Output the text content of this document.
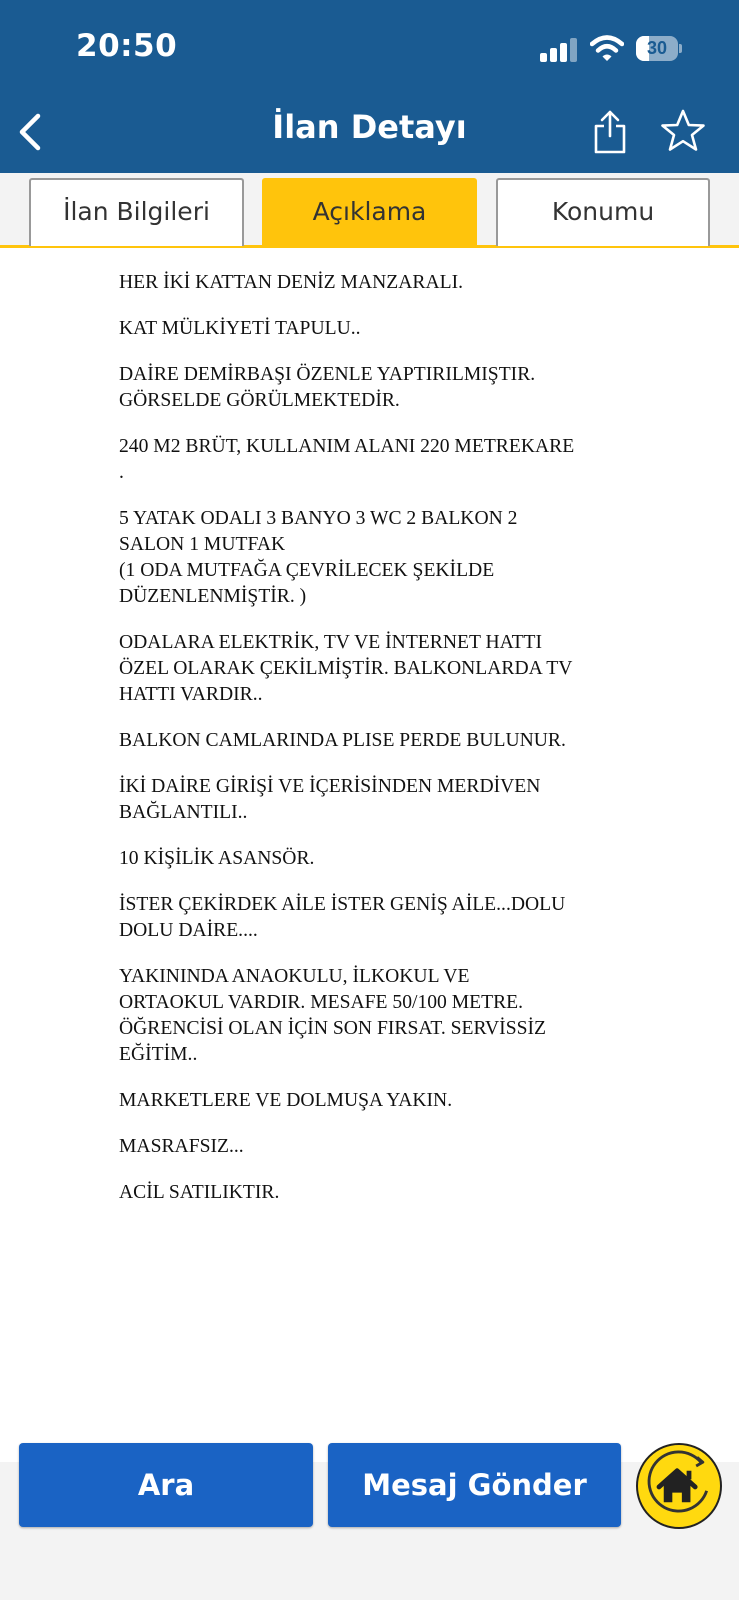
20:50	30
İlan Detayı
İlan Bilgileri	Açıklama	Konumu

HER İKİ KATTAN DENİZ MANZARALI.

KAT MÜLKİYETİ TAPULU..

DAİRE DEMİRBAŞI ÖZENLE YAPTIRILMIŞTIR.
GÖRSELDE GÖRÜLMEKTEDİR.

240 M2 BRÜT, KULLANIM ALANI 220 METREKARE
.

5 YATAK ODALI 3 BANYO 3 WC 2 BALKON 2
SALON 1 MUTFAK
(1 ODA MUTFAĞA ÇEVRİLECEK ŞEKİLDE
DÜZENLENMİŞTİR. )

ODALARA ELEKTRİK, TV VE İNTERNET HATTI
ÖZEL OLARAK ÇEKİLMİŞTİR. BALKONLARDA TV
HATTI VARDIR..

BALKON CAMLARINDA PLISE PERDE BULUNUR.

İKİ DAİRE GİRİŞİ VE İÇERİSİNDEN MERDİVEN
BAĞLANTILI..

10 KİŞİLİK ASANSÖR.

İSTER ÇEKİRDEK AİLE İSTER GENİŞ AİLE...DOLU
DOLU DAİRE....

YAKININDA ANAOKULU, İLKOKUL VE
ORTAOKUL VARDIR. MESAFE 50/100 METRE.
ÖĞRENCİSİ OLAN İÇİN SON FIRSAT. SERVİSSİZ
EĞİTİM..

MARKETLERE VE DOLMUŞA YAKIN.

MASRAFSIZ...

ACİL SATILIKTIR.

Ara	Mesaj Gönder
